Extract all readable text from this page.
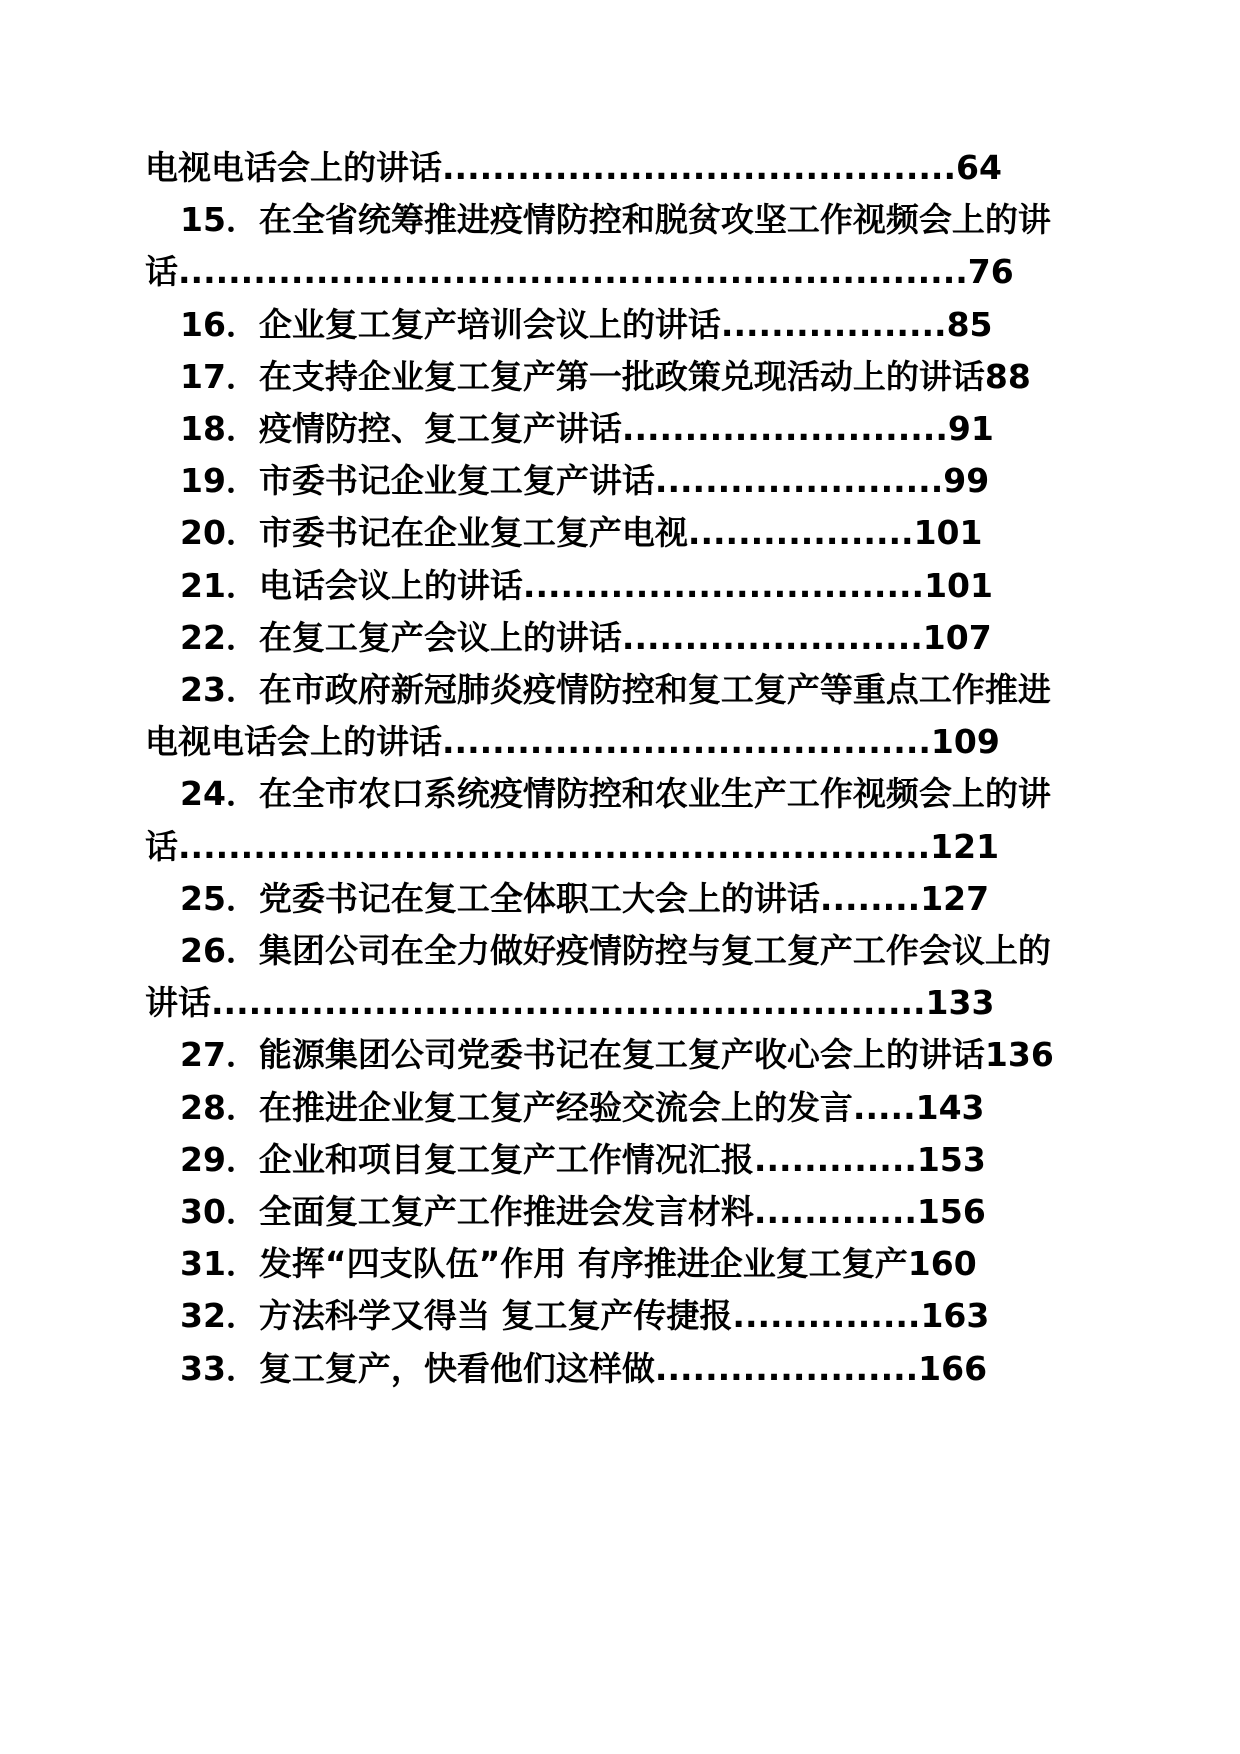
电视电话会上的讲话.........................................64
15．在全省统筹推进疫情防控和脱贫攻坚工作视频会上的讲
话...............................................................76
16．企业复工复产培训会议上的讲话..................85
17．在支持企业复工复产第一批政策兑现活动上的讲话88
18．疫情防控、复工复产讲话..........................91
19．市委书记企业复工复产讲话.......................99
20．市委书记在企业复工复产电视..................101
21．电话会议上的讲话................................101
22．在复工复产会议上的讲话........................107
23．在市政府新冠肺炎疫情防控和复工复产等重点工作推进
电视电话会上的讲话.......................................109
24．在全市农口系统疫情防控和农业生产工作视频会上的讲
话............................................................121
25．党委书记在复工全体职工大会上的讲话........127
26．集团公司在全力做好疫情防控与复工复产工作会议上的
讲话.........................................................133
27．能源集团公司党委书记在复工复产收心会上的讲话136
28．在推进企业复工复产经验交流会上的发言.....143
29．企业和项目复工复产工作情况汇报.............153
30．全面复工复产工作推进会发言材料.............156
31．发挥“四支队伍”作用 有序推进企业复工复产160
32．方法科学又得当 复工复产传捷报...............163
33．复工复产，快看他们这样做.....................166
